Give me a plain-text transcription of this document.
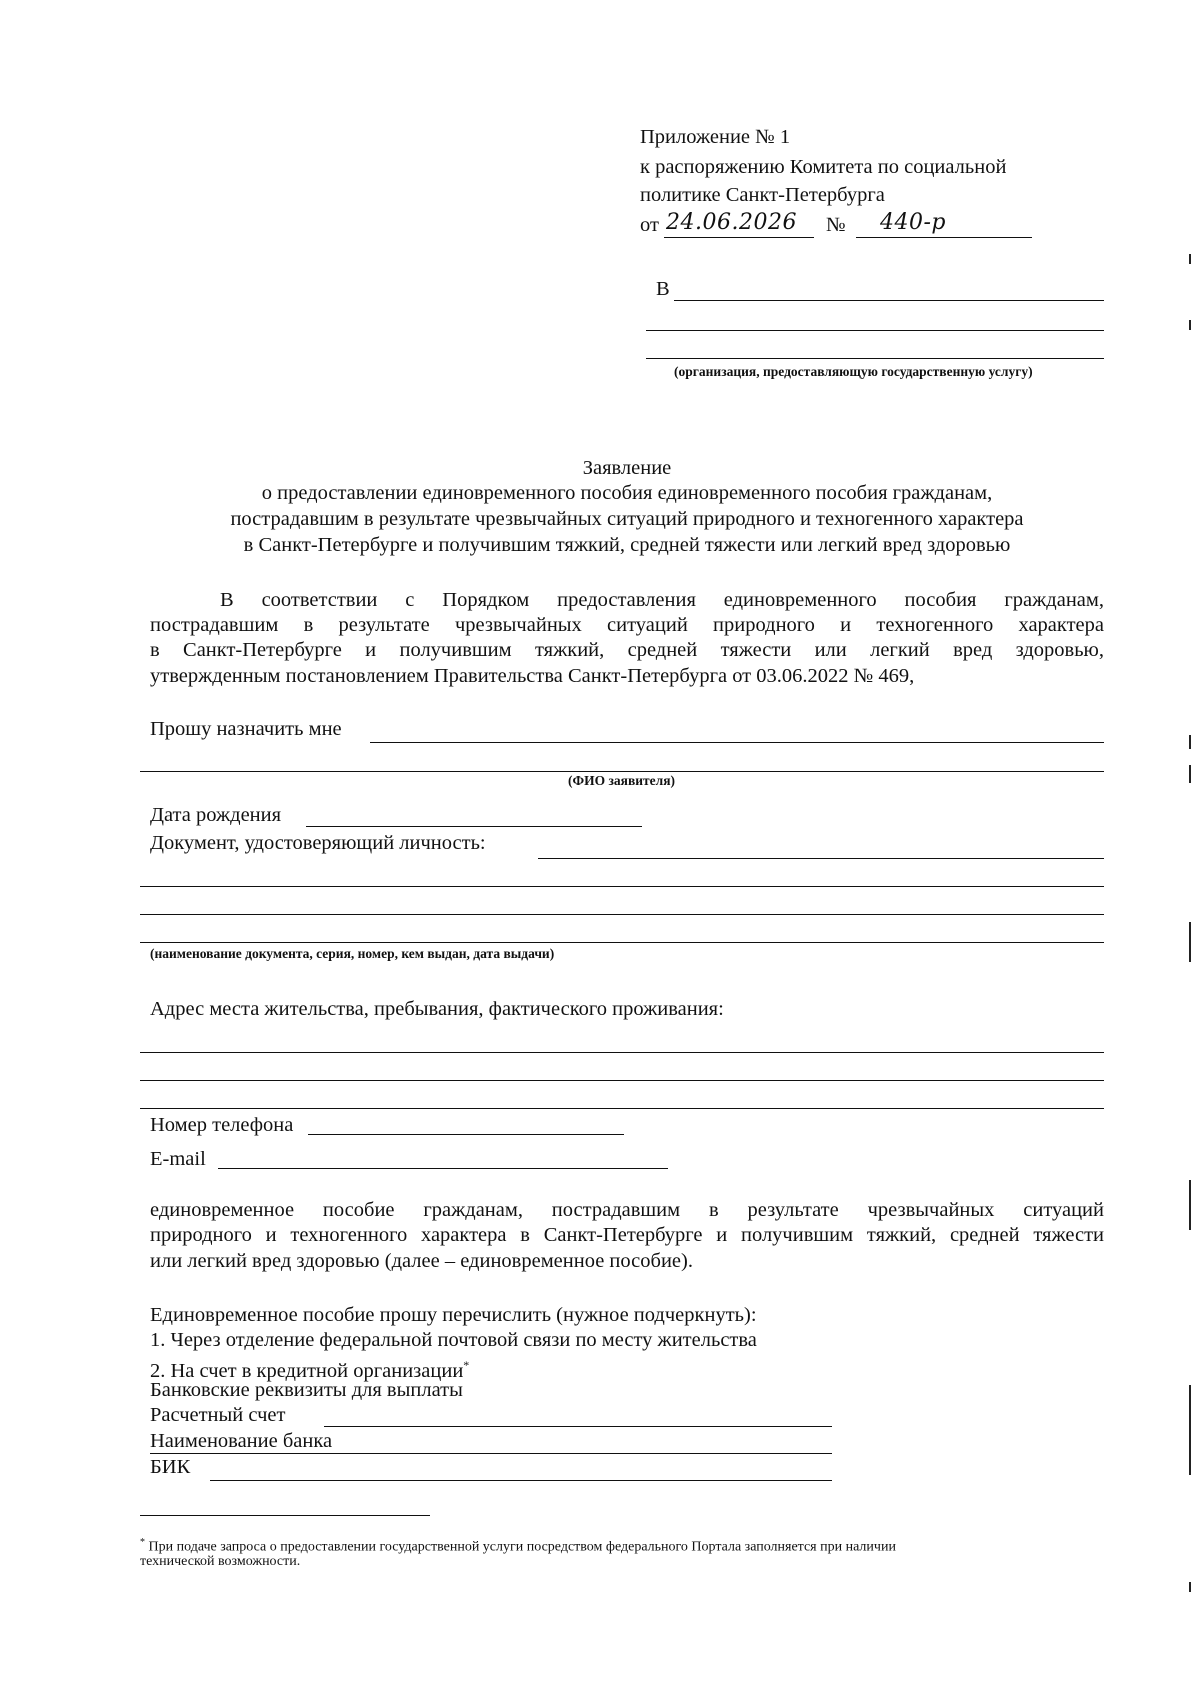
Приложение № 1
к распоряжению Комитета по социальной
политике Санкт-Петербурга
от 24.06.2026 № 440-р
В
(организация, предоставляющую государственную услугу)
Заявление
о предоставлении единовременного пособия единовременного пособия гражданам,
пострадавшим в результате чрезвычайных ситуаций природного и техногенного характера
в Санкт-Петербурге и получившим тяжкий, средней тяжести или легкий вред здоровью
В соответствии с Порядком предоставления единовременного пособия гражданам,
пострадавшим в результате чрезвычайных ситуаций природного и техногенного характера
в Санкт-Петербурге и получившим тяжкий, средней тяжести или легкий вред здоровью,
утвержденным постановлением Правительства Санкт-Петербурга от 03.06.2022 № 469,
Прошу назначить мне
(ФИО заявителя)
Дата рождения
Документ, удостоверяющий личность:
(наименование документа, серия, номер, кем выдан, дата выдачи)
Адрес места жительства, пребывания, фактического проживания:
Номер телефона
E-mail
единовременное пособие гражданам, пострадавшим в результате чрезвычайных ситуаций
природного и техногенного характера в Санкт-Петербурге и получившим тяжкий, средней тяжести
или легкий вред здоровью (далее – единовременное пособие).
Единовременное пособие прошу перечислить (нужное подчеркнуть):
1. Через отделение федеральной почтовой связи по месту жительства
2. На счет в кредитной организации*
Банковские реквизиты для выплаты
Расчетный счет
Наименование банка
БИК
* При подаче запроса о предоставлении государственной услуги посредством федерального Портала заполняется при наличии
технической возможности.
